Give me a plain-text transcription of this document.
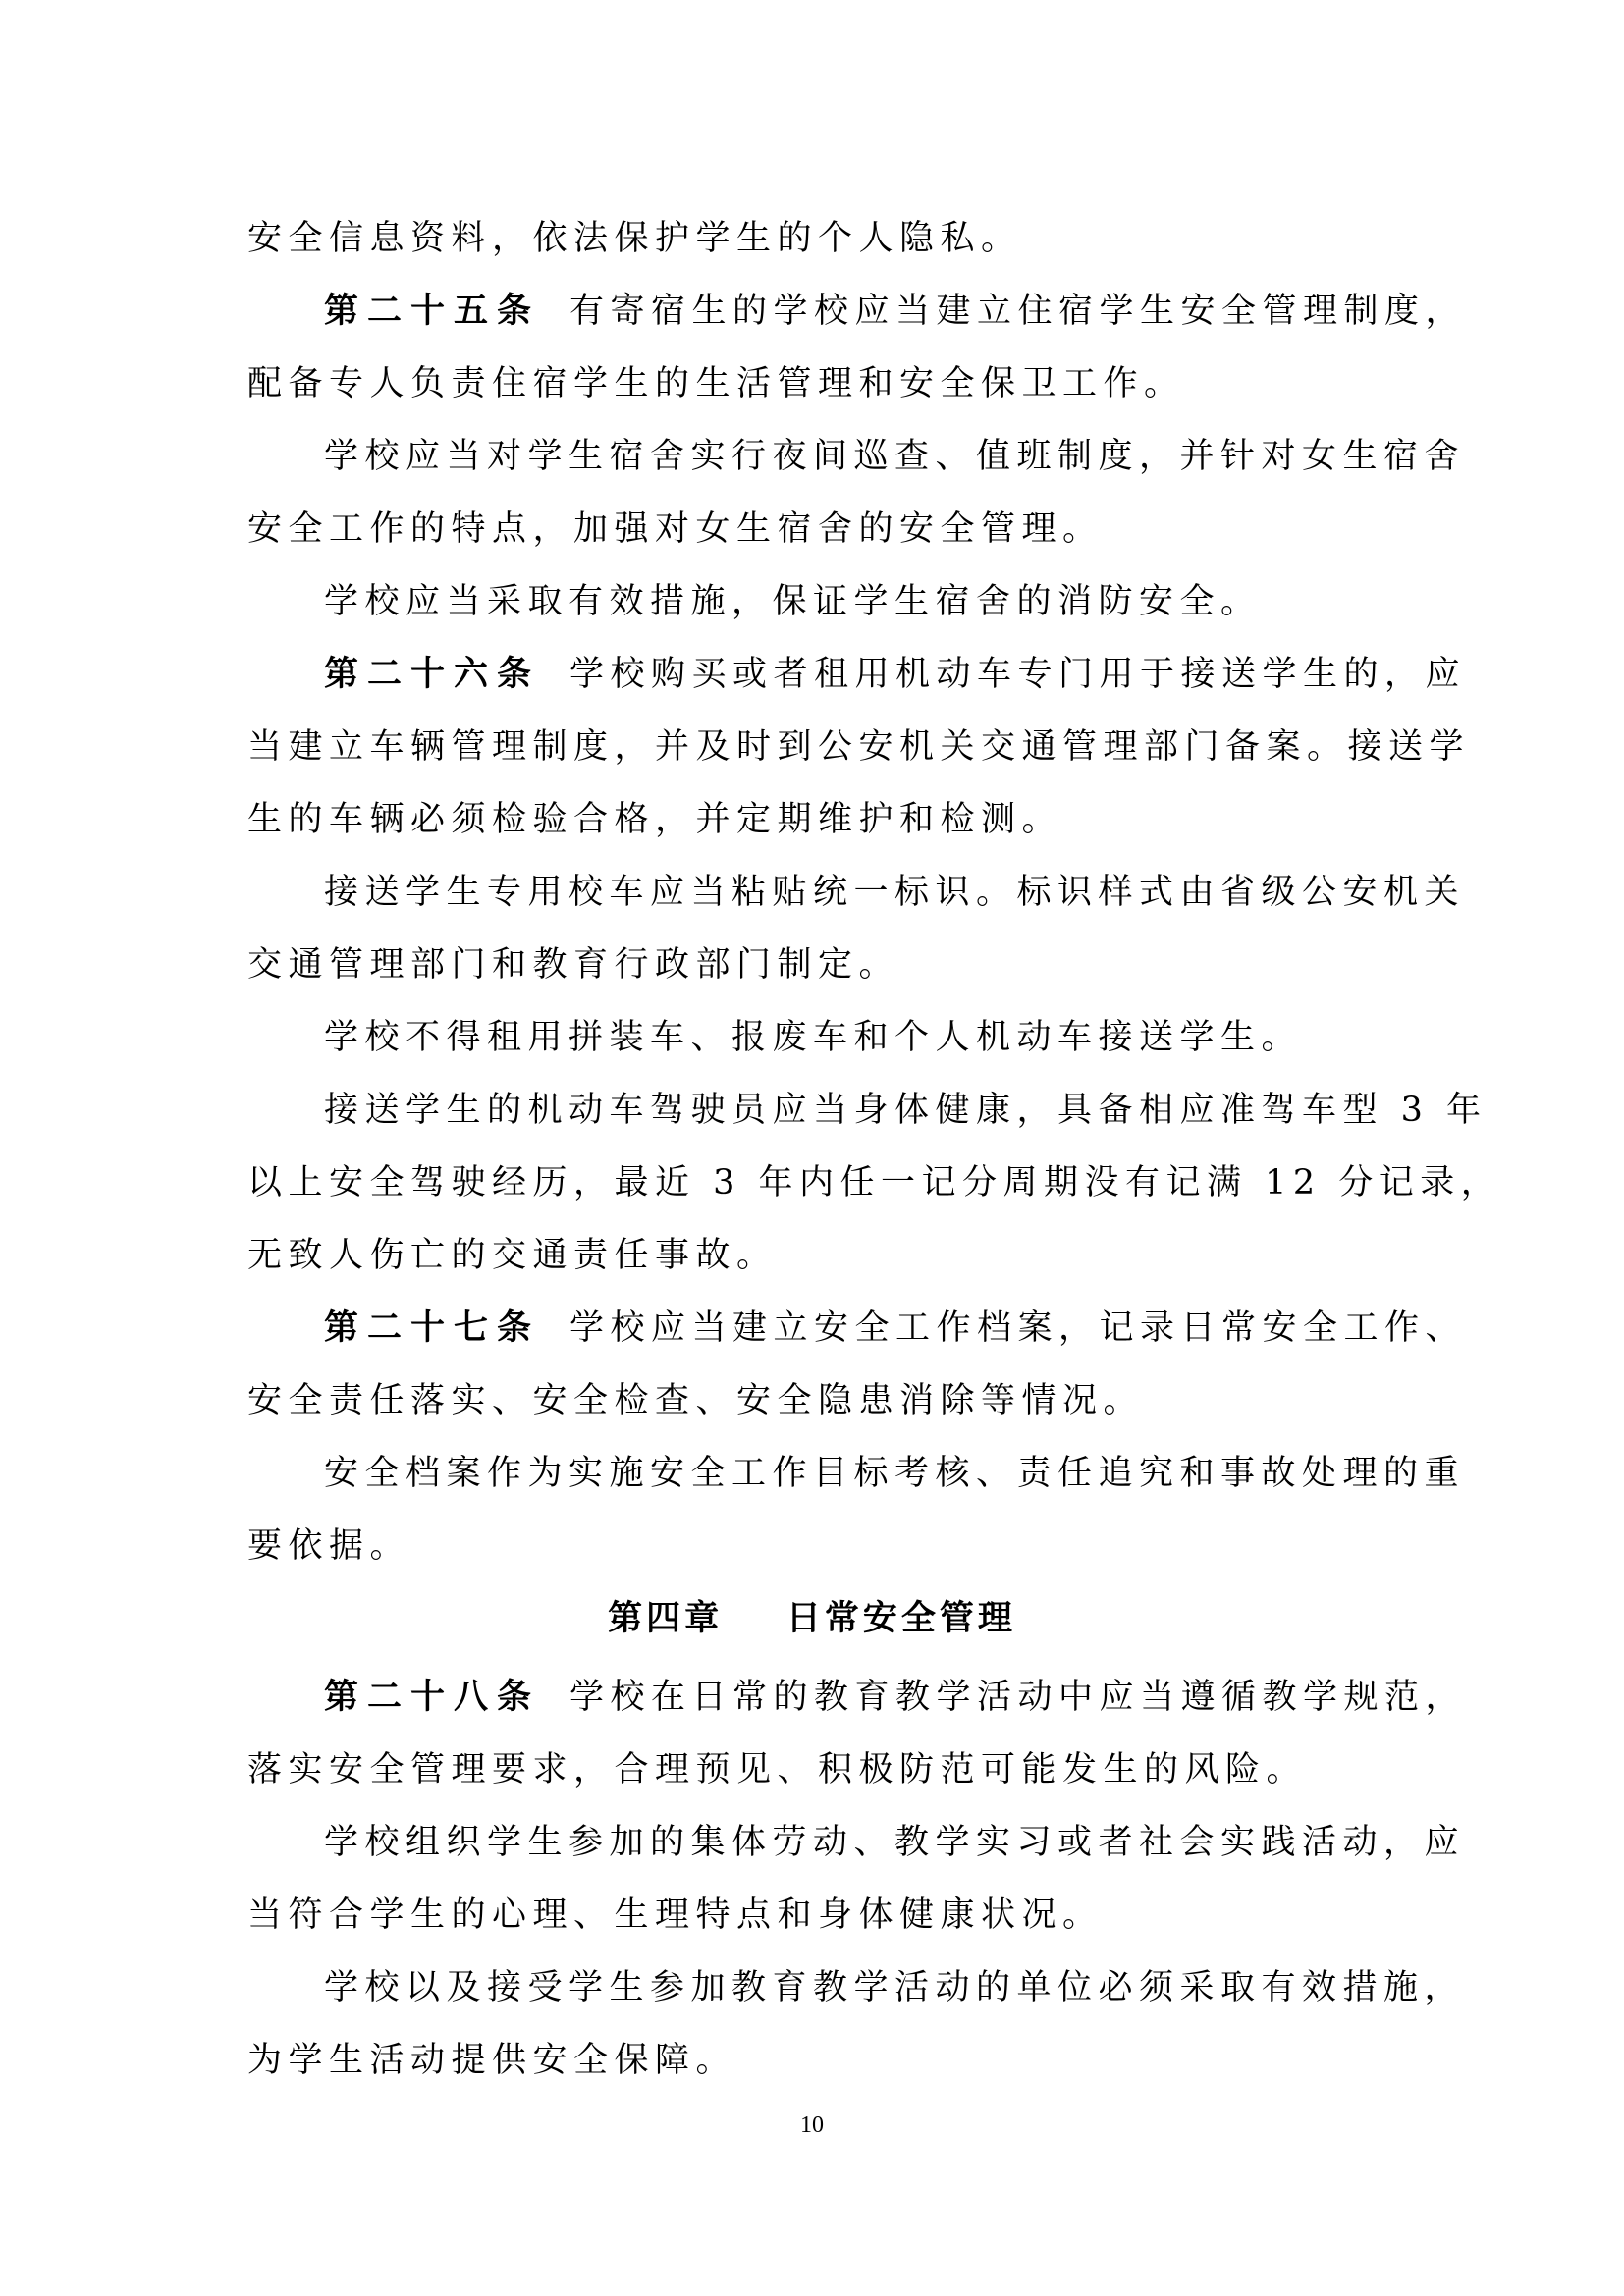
安全信息资料，依法保护学生的个人隐私。
第二十五条 有寄宿生的学校应当建立住宿学生安全管理制度，
配备专人负责住宿学生的生活管理和安全保卫工作。
学校应当对学生宿舍实行夜间巡查、值班制度，并针对女生宿舍
安全工作的特点，加强对女生宿舍的安全管理。
学校应当采取有效措施，保证学生宿舍的消防安全。
第二十六条 学校购买或者租用机动车专门用于接送学生的，应
当建立车辆管理制度，并及时到公安机关交通管理部门备案。接送学
生的车辆必须检验合格，并定期维护和检测。
接送学生专用校车应当粘贴统一标识。标识样式由省级公安机关
交通管理部门和教育行政部门制定。
学校不得租用拼装车、报废车和个人机动车接送学生。
接送学生的机动车驾驶员应当身体健康，具备相应准驾车型 3 年
以上安全驾驶经历，最近 3 年内任一记分周期没有记满 12 分记录，
无致人伤亡的交通责任事故。
第二十七条 学校应当建立安全工作档案，记录日常安全工作、
安全责任落实、安全检查、安全隐患消除等情况。
安全档案作为实施安全工作目标考核、责任追究和事故处理的重
要依据。
第四章    日常安全管理
第二十八条 学校在日常的教育教学活动中应当遵循教学规范，
落实安全管理要求，合理预见、积极防范可能发生的风险。
学校组织学生参加的集体劳动、教学实习或者社会实践活动，应
当符合学生的心理、生理特点和身体健康状况。
学校以及接受学生参加教育教学活动的单位必须采取有效措施，
为学生活动提供安全保障。
10
